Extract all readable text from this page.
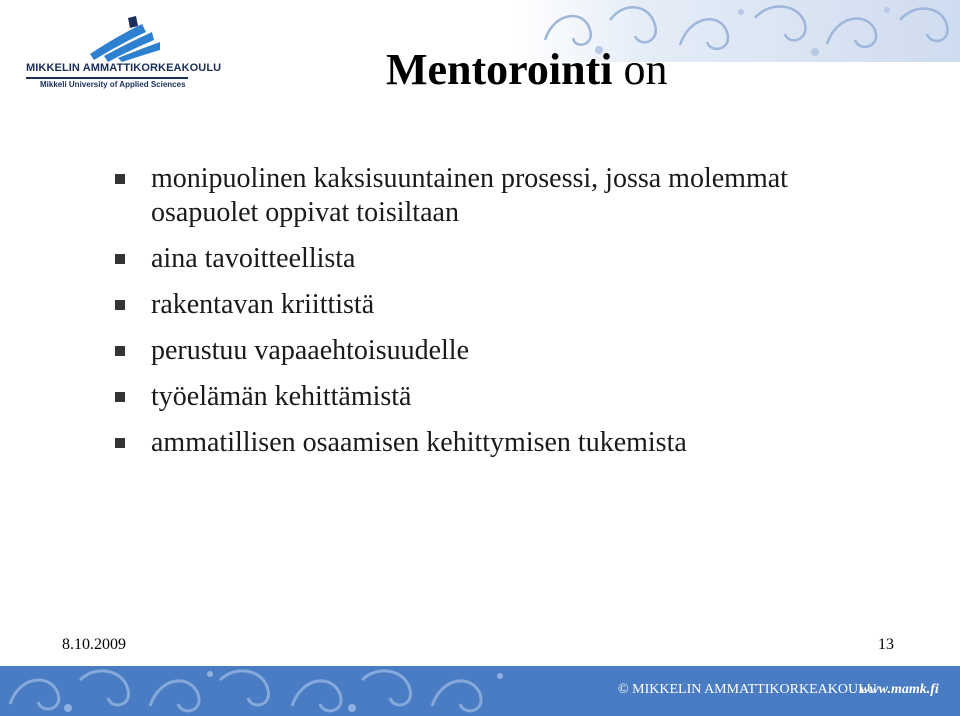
MIKKELIN AMMATTIKORKEAKOULU
Mikkeli University of Applied Sciences	Mentorointi on
monipuolinen kaksisuuntainen prosessi, jossa molemmat osapuolet oppivat toisiltaan
aina tavoitteellista
rakentavan kriittistä
perustuu vapaaehtoisuudelle
työelämän kehittämistä
ammatillisen osaamisen kehittymisen tukemista
8.10.2009	13
© MIKKELIN AMMATTIKORKEAKOULU
www.mamk.fi
